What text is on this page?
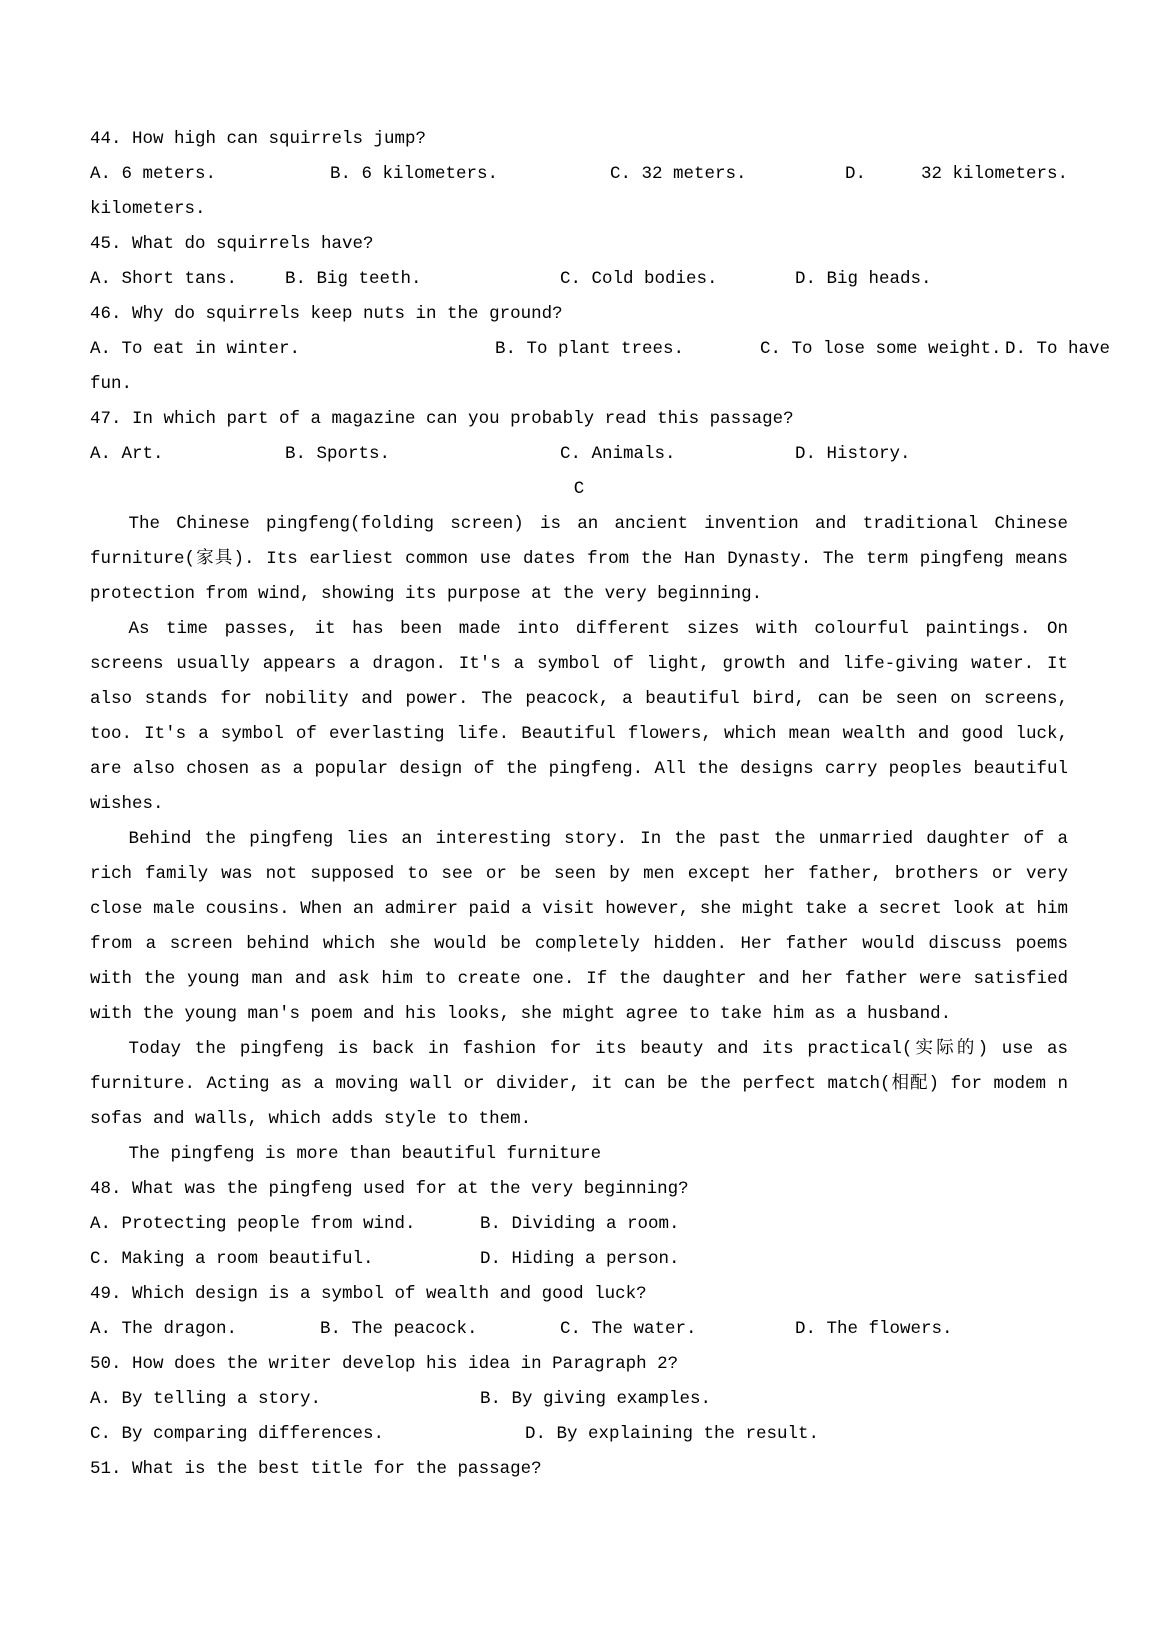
44. How high can squirrels jump?
A. 6 meters.	B. 6 kilometers.	C. 32 meters.	D.	32 kilometers.
kilometers.
45. What do squirrels have?
A. Short tans.	B. Big teeth.	C. Cold bodies.	D. Big heads.
46. Why do squirrels keep nuts in the ground?
A. To eat in winter.	B. To plant trees.	C. To lose some weight. D. To have
fun.
47. In which part of a magazine can you probably read this passage?
A. Art.	B. Sports.	C. Animals.	D. History.
C

The Chinese pingfeng(folding screen) is an ancient invention and traditional Chinese furniture(家具). Its earliest common use dates from the Han Dynasty. The term pingfeng means protection from wind, showing its purpose at the very beginning.

As time passes, it has been made into different sizes with colourful paintings. On screens usually appears a dragon. It's a symbol of light, growth and life-giving water. It also stands for nobility and power. The peacock, a beautiful bird, can be seen on screens, too. It's a symbol of everlasting life. Beautiful flowers, which mean wealth and good luck, are also chosen as a popular design of the pingfeng. All the designs carry peoples beautiful wishes.

Behind the pingfeng lies an interesting story. In the past the unmarried daughter of a rich family was not supposed to see or be seen by men except her father, brothers or very close male cousins. When an admirer paid a visit however, she might take a secret look at him from a screen behind which she would be completely hidden. Her father would discuss poems with the young man and ask him to create one. If the daughter and her father were satisfied with the young man's poem and his looks, she might agree to take him as a husband.

Today the pingfeng is back in fashion for its beauty and its practical(实际的) use as furniture. Acting as a moving wall or divider, it can be the perfect match(相配) for modem n sofas and walls, which adds style to them.

The pingfeng is more than beautiful furniture

48. What was the pingfeng used for at the very beginning?
A. Protecting people from wind.	B. Dividing a room.
C. Making a room beautiful.	D. Hiding a person.
49. Which design is a symbol of wealth and good luck?
A. The dragon.	B. The peacock.	C. The water.	D. The flowers.
50. How does the writer develop his idea in Paragraph 2?
A. By telling a story.	B. By giving examples.
C. By comparing differences.	D. By explaining the result.
51. What is the best title for the passage?
